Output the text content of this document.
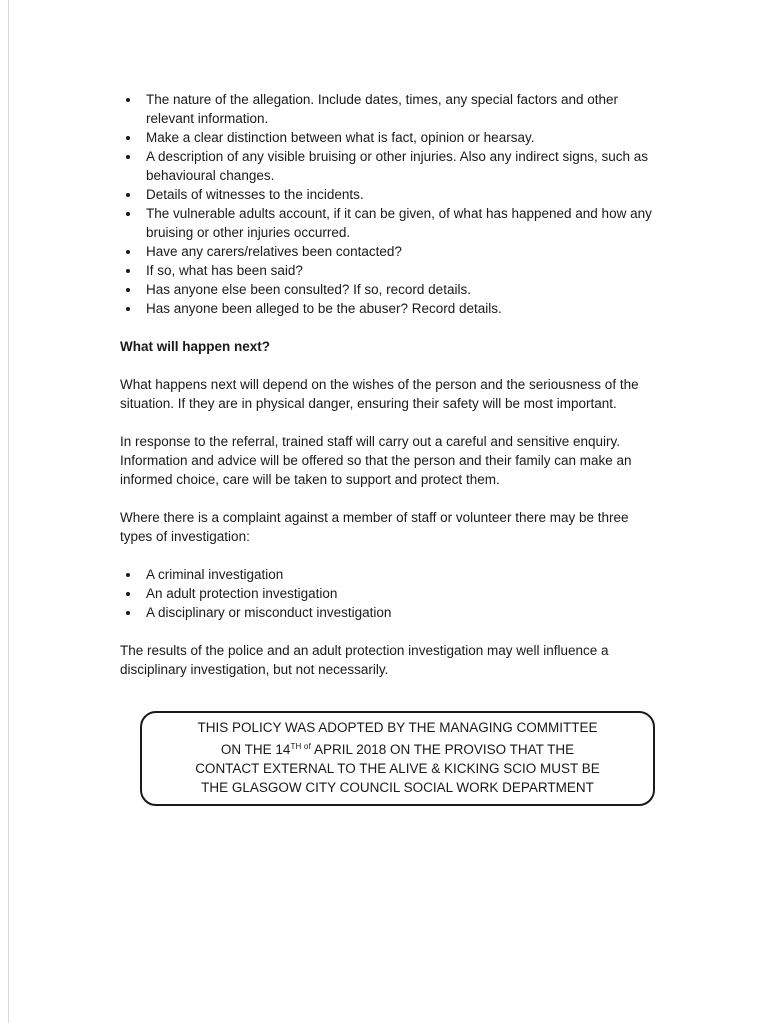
• The nature of the allegation. Include dates, times, any special factors and other relevant information.
• Make a clear distinction between what is fact, opinion or hearsay.
• A description of any visible bruising or other injuries. Also any indirect signs, such as behavioural changes.
• Details of witnesses to the incidents.
• The vulnerable adults account, if it can be given, of what has happened and how any bruising or other injuries occurred.
• Have any carers/relatives been contacted?
• If so, what has been said?
• Has anyone else been consulted? If so, record details.
• Has anyone been alleged to be the abuser? Record details.
What will happen next?

What happens next will depend on the wishes of the person and the seriousness of the situation. If they are in physical danger, ensuring their safety will be most important.

In response to the referral, trained staff will carry out a careful and sensitive enquiry. Information and advice will be offered so that the person and their family can make an informed choice, care will be taken to support and protect them.

Where there is a complaint against a member of staff or volunteer there may be three types of investigation:

• A criminal investigation
• An adult protection investigation
• A disciplinary or misconduct investigation

The results of the police and an adult protection investigation may well influence a disciplinary investigation, but not necessarily.

THIS POLICY WAS ADOPTED BY THE MANAGING COMMITTEE
ON THE $14^{TH of}$ APRIL 2018 ON THE PROVISO THAT THE
CONTACT EXTERNAL TO THE ALIVE & KICKING SCIO MUST BE
THE GLASGOW CITY COUNCIL SOCIAL WORK DEPARTMENT
